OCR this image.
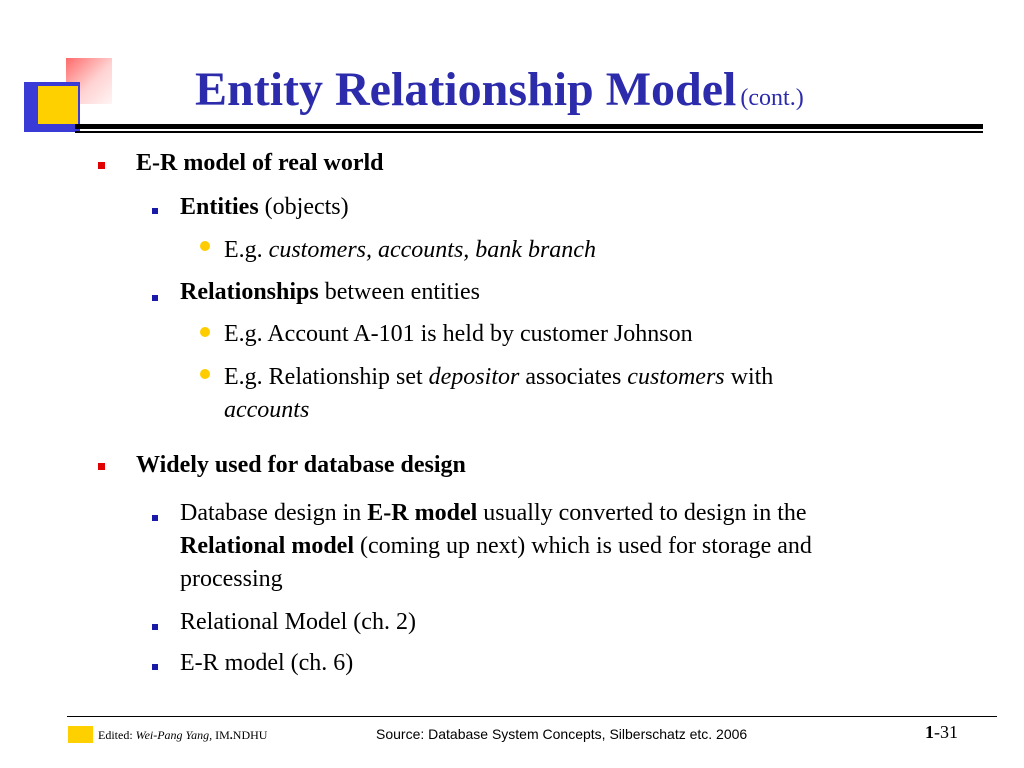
Entity Relationship Model (cont.)
E-R model of real world
Entities (objects)
E.g. customers, accounts, bank branch
Relationships between entities
E.g. Account A-101 is held by customer Johnson
E.g. Relationship set depositor associates customers with
accounts
Widely used for database design
Database design in E-R model usually converted to design in the
Relational model (coming up next) which is used for storage and
processing
Relational Model (ch. 2)
E-R model (ch. 6)
Edited: Wei-Pang Yang, IM.NDHU	Source: Database System Concepts, Silberschatz etc. 2006	1-31
